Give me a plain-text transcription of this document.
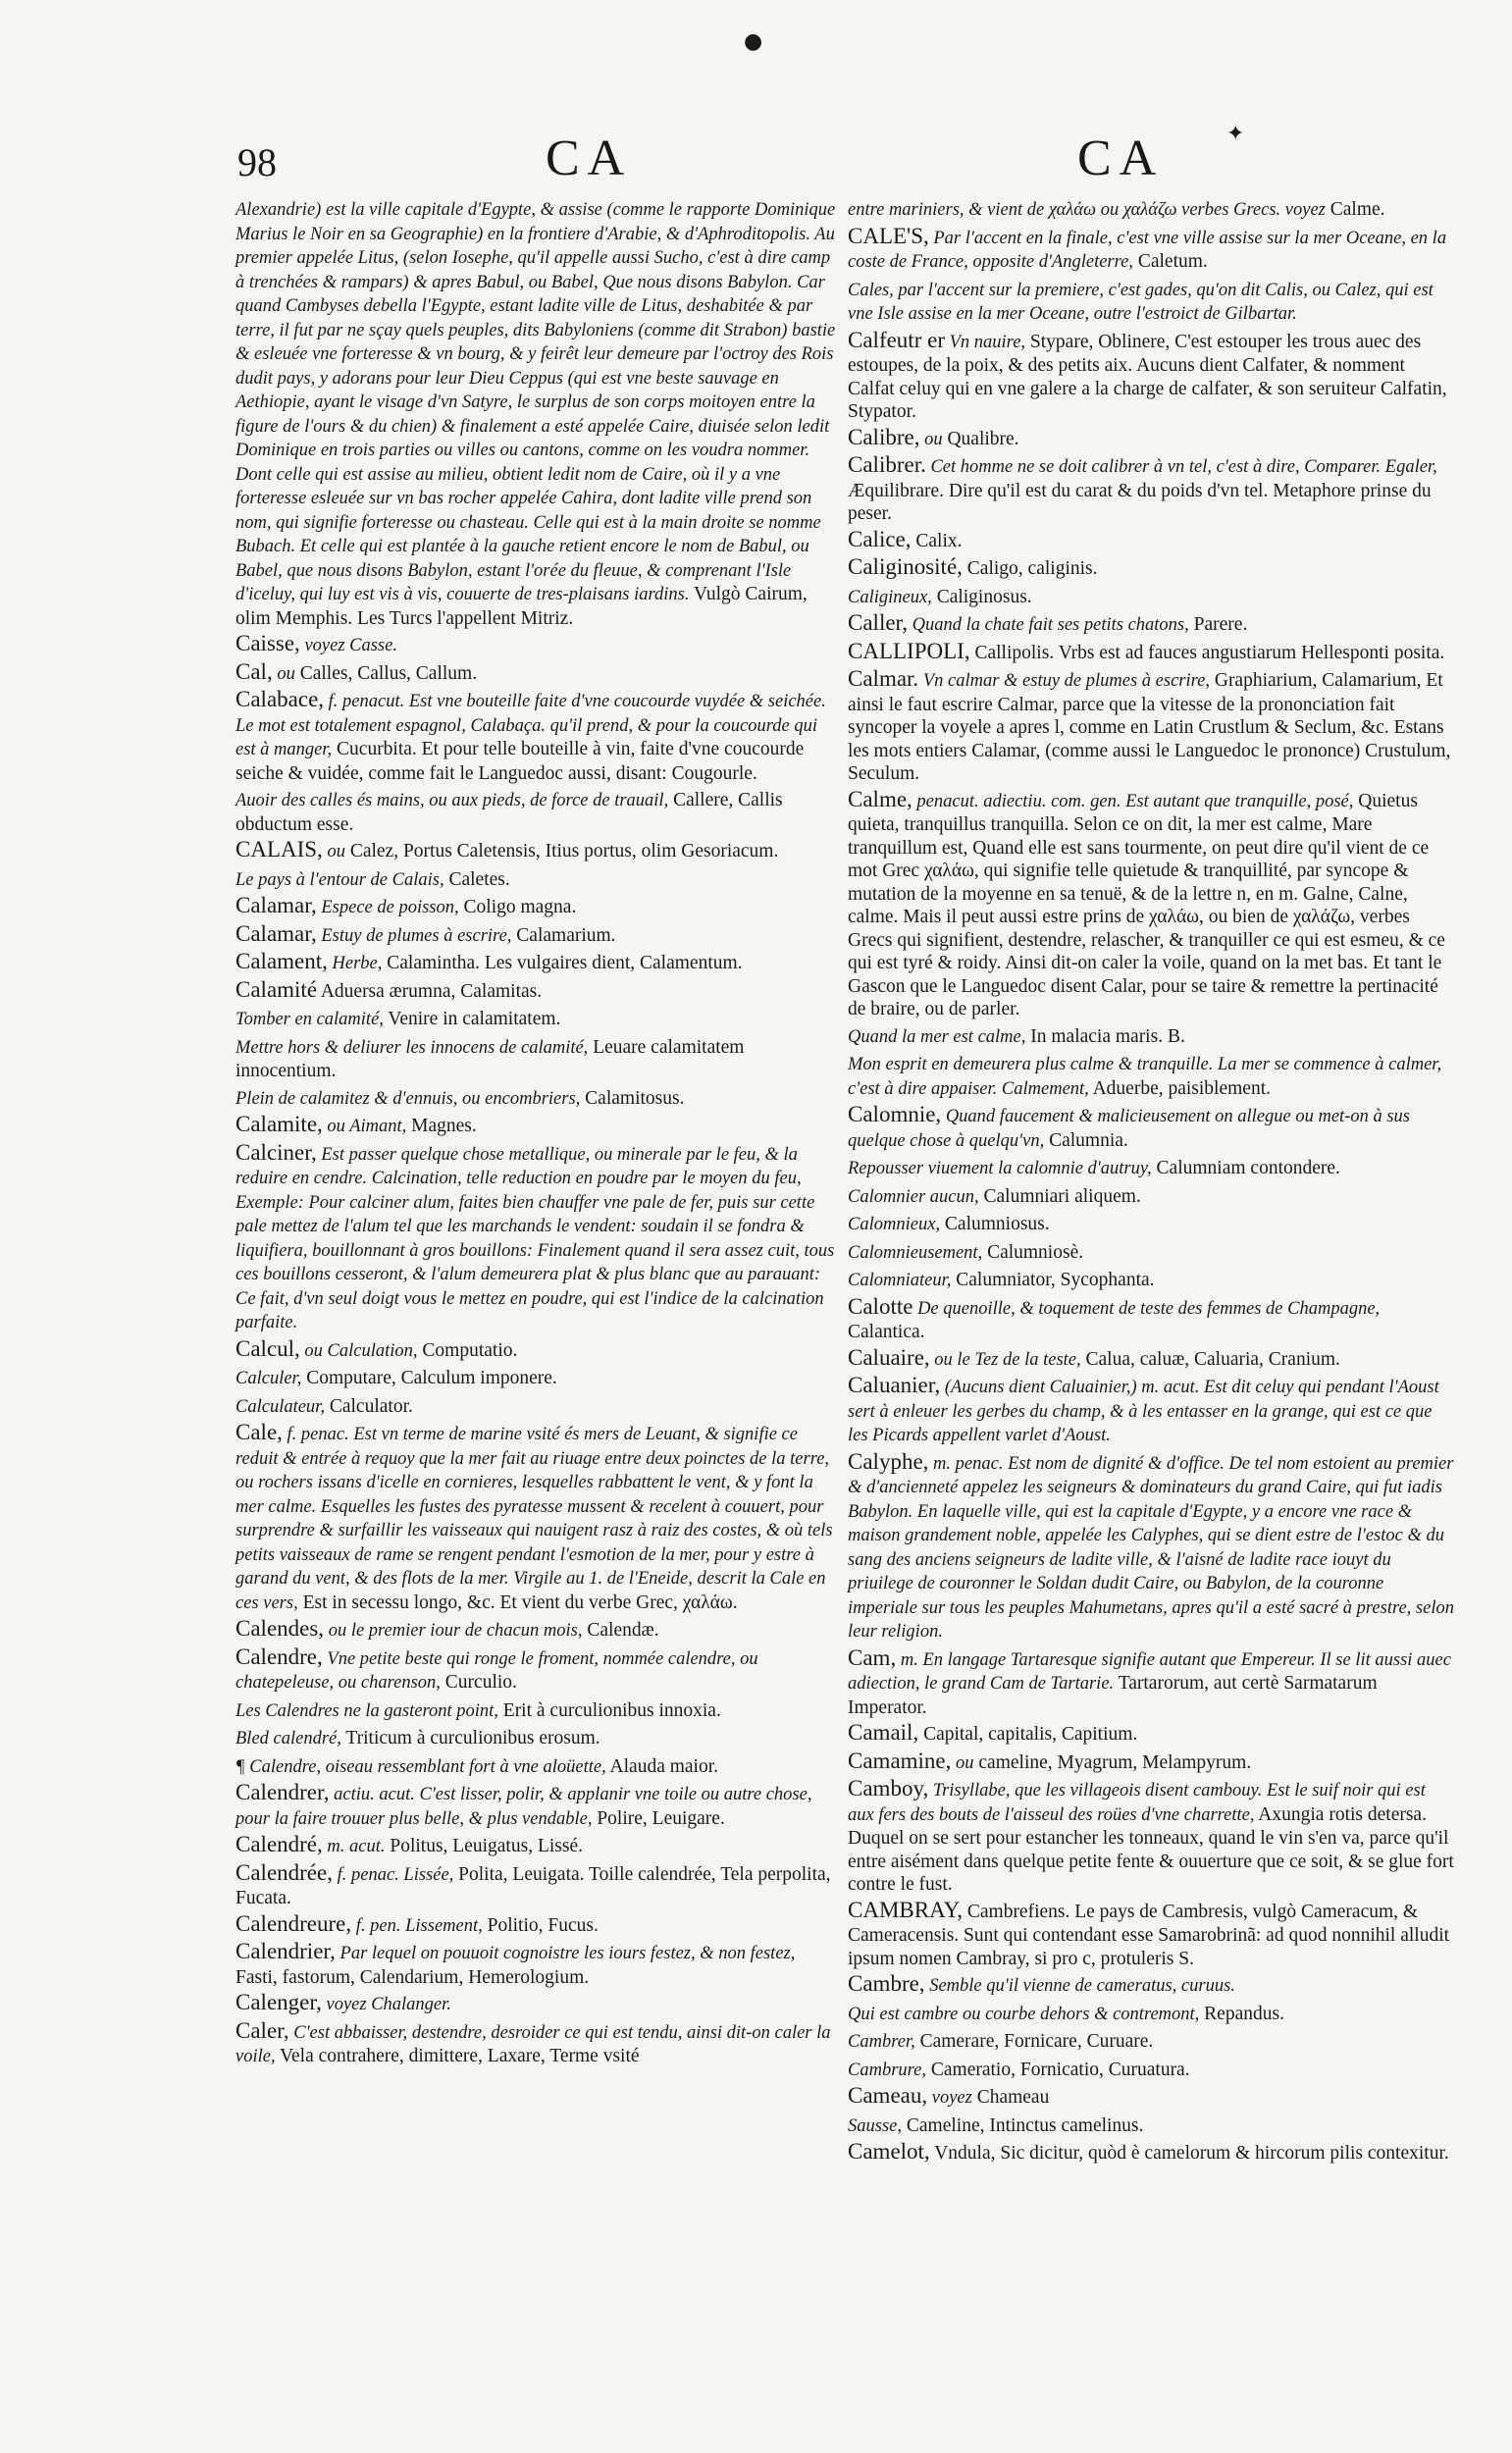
●
98	CA	CA	✦

Alexandrie) est la ville capitale d'Egypte, & assise (comme le rapporte Dominique Marius le Noir en sa Geographie) en la frontiere d'Arabie, & d'Aphroditopolis. Au premier appelée Litus, (selon Iosephe, qu'il appelle aussi Sucho, c'est à dire camp à trenchées & rampars) & apres Babul, ou Babel, Que nous disons Babylon. Car quand Cambyses debella l'Egypte, estant ladite ville de Litus, deshabitée & par terre, il fut par ne sçay quels peuples, dits Babyloniens (comme dit Strabon) bastie & esleuée vne forteresse & vn bourg, & y feirêt leur demeure par l'octroy des Rois dudit pays, y adorans pour leur Dieu Ceppus (qui est vne beste sauvage en Aethiopie, ayant le visage d'vn Satyre, le surplus de son corps moitoyen entre la figure de l'ours & du chien) & finalement a esté appelée Caire, diuisée selon ledit Dominique en trois parties ou villes ou cantons, comme on les voudra nommer. Dont celle qui est assise au milieu, obtient ledit nom de Caire, où il y a vne forteresse esleuée sur vn bas rocher appelée Cahira, dont ladite ville prend son nom, qui signifie forteresse ou chasteau. Celle qui est à la main droite se nomme Bubach. Et celle qui est plantée à la gauche retient encore le nom de Babul, ou Babel, que nous disons Babylon, estant l'orée du fleuue, & comprenant l'Isle d'iceluy, qui luy est vis à vis, couuerte de tres-plaisans iardins. Vulgò Cairum, olim Memphis. Les Turcs l'appellent Mitriz.

Caisse, voyez Casse.

Cal, ou Calles, Callus, Callum.

Calabace, f. penacut. Est vne bouteille faite d'vne coucourde vuydée & seichée. Le mot est totalement espagnol, Calabaça. qu'il prend, & pour la coucourde qui est à manger, Cucurbita. Et pour telle bouteille à vin, faite d'vne coucourde seiche & vuidée, comme fait le Languedoc aussi, disant: Cougourle.

Auoir des calles és mains, ou aux pieds, de force de trauail, Callere, Callis obductum esse.

CALAIS, ou Calez, Portus Caletensis, Itius portus, olim Gesoriacum.

Le pays à l'entour de Calais, Caletes.

Calamar, Espece de poisson, Coligo magna.

Calamar, Estuy de plumes à escrire, Calamarium.

Calament, Herbe, Calamintha. Les vulgaires dient, Calamentum.

Calamité Aduersa ærumna, Calamitas.

Tomber en calamité, Venire in calamitatem.

Mettre hors & deliurer les innocens de calamité, Leuare calamitatem innocentium.

Plein de calamitez & d'ennuis, ou encombriers, Calamitosus.

Calamite, ou Aimant, Magnes.

Calciner, Est passer quelque chose metallique, ou minerale par le feu, & la reduire en cendre. Calcination, telle reduction en poudre par le moyen du feu, Exemple: Pour calciner alum, faites bien chauffer vne pale de fer, puis sur cette pale mettez de l'alum tel que les marchands le vendent: soudain il se fondra & liquifiera, bouillonnant à gros bouillons: Finalement quand il sera assez cuit, tous ces bouillons cesseront, & l'alum demeurera plat & plus blanc que au parauant: Ce fait, d'vn seul doigt vous le mettez en poudre, qui est l'indice de la calcination parfaite.

Calcul, ou Calculation, Computatio.

Calculer, Computare, Calculum imponere.

Calculateur, Calculator.

Cale, f. penac. Est vn terme de marine vsité és mers de Leuant, & signifie ce reduit & entrée à requoy que la mer fait au riuage entre deux poinctes de la terre, ou rochers issans d'icelle en cornieres, lesquelles rabbattent le vent, & y font la mer calme. Esquelles les fustes des pyratesse mussent & recelent à couuert, pour surprendre & surfaillir les vaisseaux qui nauigent rasz à raiz des costes, & où tels petits vaisseaux de rame se rengent pendant l'esmotion de la mer, pour y estre à garand du vent, & des flots de la mer. Virgile au 1. de l'Eneide, descrit la Cale en ces vers, Est in secessu longo, &c. Et vient du verbe Grec, χαλάω.

Calendes, ou le premier iour de chacun mois, Calendæ.

Calendre, Vne petite beste qui ronge le froment, nommée calendre, ou chatepeleuse, ou charenson, Curculio.

Les Calendres ne la gasteront point, Erit à curculionibus innoxia.

Bled calendré, Triticum à curculionibus erosum.

¶ Calendre, oiseau ressemblant fort à vne aloüette, Alauda maior.

Calendrer, actiu. acut. C'est lisser, polir, & applanir vne toile ou autre chose, pour la faire trouuer plus belle, & plus vendable, Polire, Leuigare.

Calendré, m. acut. Politus, Leuigatus, Lissé.

Calendrée, f. penac. Lissée, Polita, Leuigata. Toille calendrée, Tela perpolita, Fucata.

Calendreure, f. pen. Lissement, Politio, Fucus.

Calendrier, Par lequel on pouuoit cognoistre les iours festez, & non festez, Fasti, fastorum, Calendarium, Hemerologium.

Calenger, voyez Chalanger.

Caler, C'est abbaisser, destendre, desroider ce qui est tendu, ainsi dit-on caler la voile, Vela contrahere, dimittere, Laxare, Terme vsité

entre mariniers, & vient de χαλάω ou χαλάζω verbes Grecs. voyez Calme.

CALE'S, Par l'accent en la finale, c'est vne ville assise sur la mer Oceane, en la coste de France, opposite d'Angleterre, Caletum.

Cales, par l'accent sur la premiere, c'est gades, qu'on dit Calis, ou Calez, qui est vne Isle assise en la mer Oceane, outre l'estroict de Gilbartar.

Calfeutr er Vn nauire, Stypare, Oblinere, C'est estouper les trous auec des estoupes, de la poix, & des petits aix. Aucuns dient Calfater, & nomment Calfat celuy qui en vne galere a la charge de calfater, & son seruiteur Calfatin, Stypator.

Calibre, ou Qualibre.

Calibrer. Cet homme ne se doit calibrer à vn tel, c'est à dire, Comparer. Egaler, Æquilibrare. Dire qu'il est du carat & du poids d'vn tel. Metaphore prinse du peser.

Calice, Calix.

Caliginosité, Caligo, caliginis.

Caligineux, Caliginosus.

Caller, Quand la chate fait ses petits chatons, Parere.

CALLIPOLI, Callipolis. Vrbs est ad fauces angustiarum Hellesponti posita.

Calmar. Vn calmar & estuy de plumes à escrire, Graphiarium, Calamarium, Et ainsi le faut escrire Calmar, parce que la vitesse de la prononciation fait syncoper la voyele a apres l, comme en Latin Crustlum & Seclum, &c. Estans les mots entiers Calamar, (comme aussi le Languedoc le prononce) Crustulum, Seculum.

Calme, penacut. adiectiu. com. gen. Est autant que tranquille, posé, Quietus quieta, tranquillus tranquilla. Selon ce on dit, la mer est calme, Mare tranquillum est, Quand elle est sans tourmente, on peut dire qu'il vient de ce mot Grec χαλάω, qui signifie telle quietude & tranquillité, par syncope & mutation de la moyenne en sa tenuë, & de la lettre n, en m. Galne, Calne, calme. Mais il peut aussi estre prins de χαλάω, ou bien de χαλάζω, verbes Grecs qui signifient, destendre, relascher, & tranquiller ce qui est esmeu, & ce qui est tyré & roidy. Ainsi dit-on caler la voile, quand on la met bas. Et tant le Gascon que le Languedoc disent Calar, pour se taire & remettre la pertinacité de braire, ou de parler.

Quand la mer est calme, In malacia maris. B.

Mon esprit en demeurera plus calme & tranquille. La mer se commence à calmer, c'est à dire appaiser. Calmement, Aduerbe, paisiblement.

Calomnie, Quand faucement & malicieusement on allegue ou met-on à sus quelque chose à quelqu'vn, Calumnia.

Repousser viuement la calomnie d'autruy, Calumniam contondere.

Calomnier aucun, Calumniari aliquem.

Calomnieux, Calumniosus.

Calomnieusement, Calumniosè.

Calomniateur, Calumniator, Sycophanta.

Calotte De quenoille, & toquement de teste des femmes de Champagne, Calantica.

Caluaire, ou le Tez de la teste, Calua, caluæ, Caluaria, Cranium.

Caluanier, (Aucuns dient Caluainier,) m. acut. Est dit celuy qui pendant l'Aoust sert à enleuer les gerbes du champ, & à les entasser en la grange, qui est ce que les Picards appellent varlet d'Aoust.

Calyphe, m. penac. Est nom de dignité & d'office. De tel nom estoient au premier & d'ancienneté appelez les seigneurs & dominateurs du grand Caire, qui fut iadis Babylon. En laquelle ville, qui est la capitale d'Egypte, y a encore vne race & maison grandement noble, appelée les Calyphes, qui se dient estre de l'estoc & du sang des anciens seigneurs de ladite ville, & l'aisné de ladite race iouyt du priuilege de couronner le Soldan dudit Caire, ou Babylon, de la couronne imperiale sur tous les peuples Mahumetans, apres qu'il a esté sacré à prestre, selon leur religion.

Cam, m. En langage Tartaresque signifie autant que Empereur. Il se lit aussi auec adiection, le grand Cam de Tartarie. Tartarorum, aut certè Sarmatarum Imperator.

Camail, Capital, capitalis, Capitium.

Camamine, ou cameline, Myagrum, Melampyrum.

Camboy, Trisyllabe, que les villageois disent cambouy. Est le suif noir qui est aux fers des bouts de l'aisseul des roües d'vne charrette, Axungia rotis detersa. Duquel on se sert pour estancher les tonneaux, quand le vin s'en va, parce qu'il entre aisément dans quelque petite fente & ouuerture que ce soit, & se glue fort contre le fust.

CAMBRAY, Cambrefiens. Le pays de Cambresis, vulgò Cameracum, & Cameracensis. Sunt qui contendant esse Samarobrinã: ad quod nonnihil alludit ipsum nomen Cambray, si pro c, protuleris S.

Cambre, Semble qu'il vienne de cameratus, curuus.

Qui est cambre ou courbe dehors & contremont, Repandus.

Cambrer, Camerare, Fornicare, Curuare.

Cambrure, Cameratio, Fornicatio, Curuatura.

Cameau, voyez Chameau

Sausse, Cameline, Intinctus camelinus.

Camelot, Vndula, Sic dicitur, quòd è camelorum & hircorum pilis contexitur.
